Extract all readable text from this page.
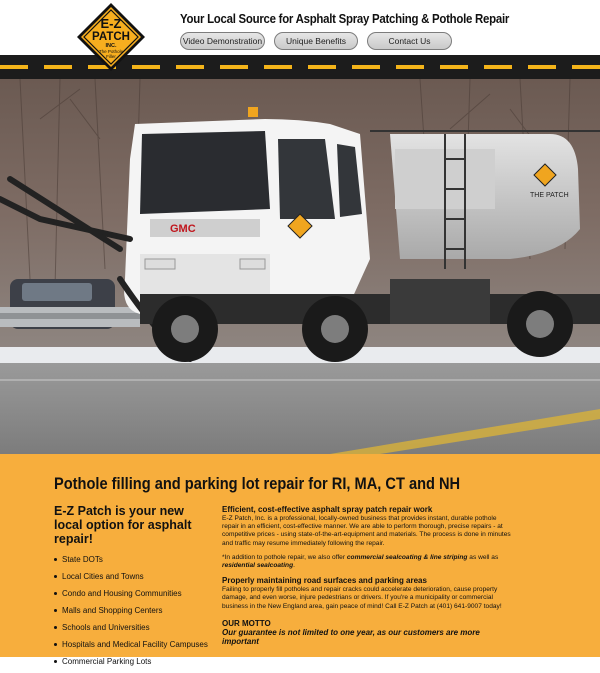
Your Local Source for Asphalt Spray Patching & Pothole Repair
Video Demonstration	Unique Benefits	Contact Us
E-Z
PATCH
INC.
The Pothole
Filler
THE PATCH
GMC
Pothole filling and parking lot repair for RI, MA, CT and NH
E-Z Patch is your new local option for asphalt repair!
State DOTs
Local Cities and Towns
Condo and Housing Communities
Malls and Shopping Centers
Schools and Universities
Hospitals and Medical Facility Campuses
Commercial Parking Lots
Efficient, cost-effective asphalt spray patch repair work

E-Z Patch, Inc. is a professional, locally-owned business that provides instant, durable pothole repair in an efficient, cost-effective manner. We are able to perform thorough, precise repairs - at competitive prices - using state-of-the-art-equipment and materials. The process is done in minutes and traffic may resume immediately following the repair.

*In addition to pothole repair, we also offer commercial sealcoating & line striping as well as residential sealcoating.

Properly maintaining road surfaces and parking areas

Failing to properly fill potholes and repair cracks could accelerate deterioration, cause property damage, and even worse, injure pedestrians or drivers. If you're a municipality or commercial business in the New England area, gain peace of mind! Call E-Z Patch at (401) 641-9007 today!

OUR MOTTO
Our guarantee is not limited to one year, as our customers are more important
